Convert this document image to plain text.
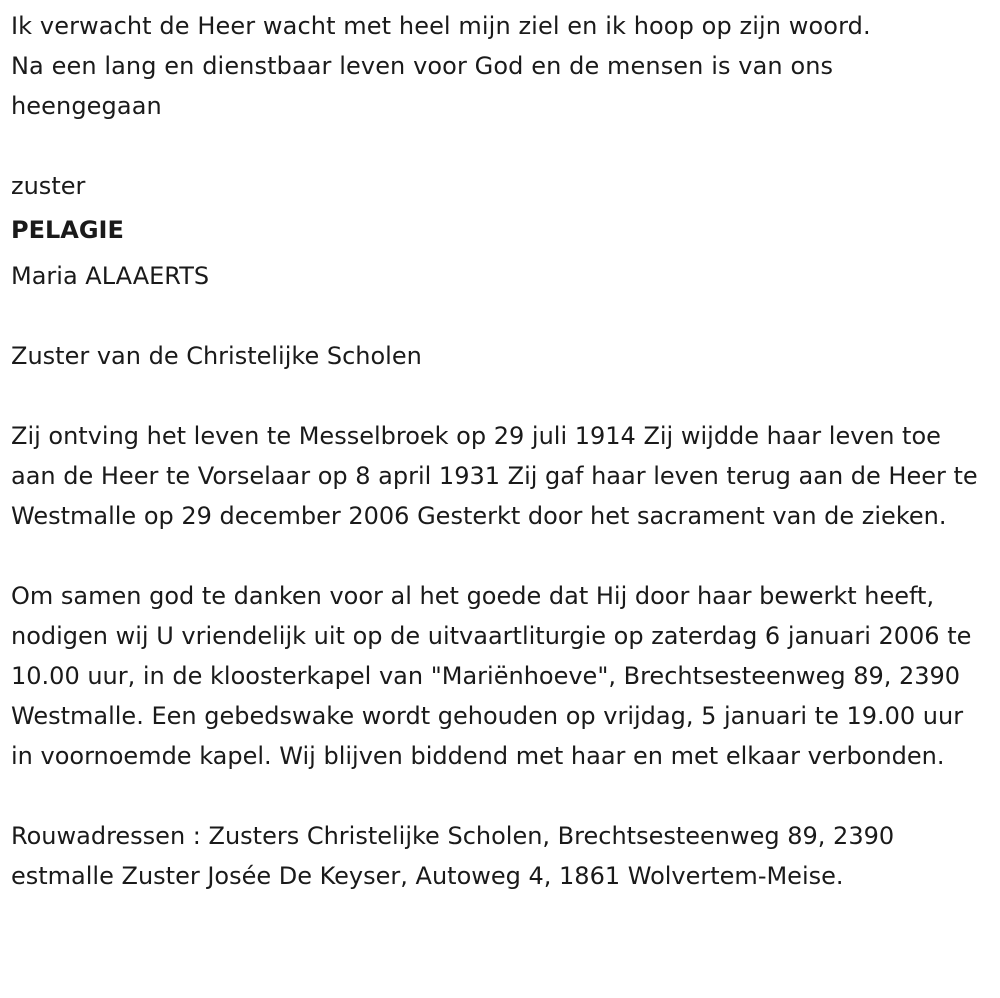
Ik verwacht de Heer wacht met heel mijn ziel en ik hoop op zijn woord.
Na een lang en dienstbaar leven voor God en de mensen is van ons heengegaan

zuster

PELAGIE

Maria ALAAERTS

Zuster van de Christelijke Scholen

Zij ontving het leven te Messelbroek op 29 juli 1914 Zij wijdde haar leven toe aan de Heer te Vorselaar op 8 april 1931 Zij gaf haar leven terug aan de Heer te Westmalle op 29 december 2006 Gesterkt door het sacrament van de zieken.

Om samen god te danken voor al het goede dat Hij door haar bewerkt heeft, nodigen wij U vriendelijk uit op de uitvaartliturgie op zaterdag 6 januari 2006 te 10.00 uur, in de kloosterkapel van "Mariënhoeve", Brechtsesteenweg 89, 2390 Westmalle. Een gebedswake wordt gehouden op vrijdag, 5 januari te 19.00 uur in voornoemde kapel. Wij blijven biddend met haar en met elkaar verbonden.

Rouwadressen : Zusters Christelijke Scholen, Brechtsesteenweg 89, 2390 estmalle Zuster Josée De Keyser, Autoweg 4, 1861 Wolvertem-Meise.
